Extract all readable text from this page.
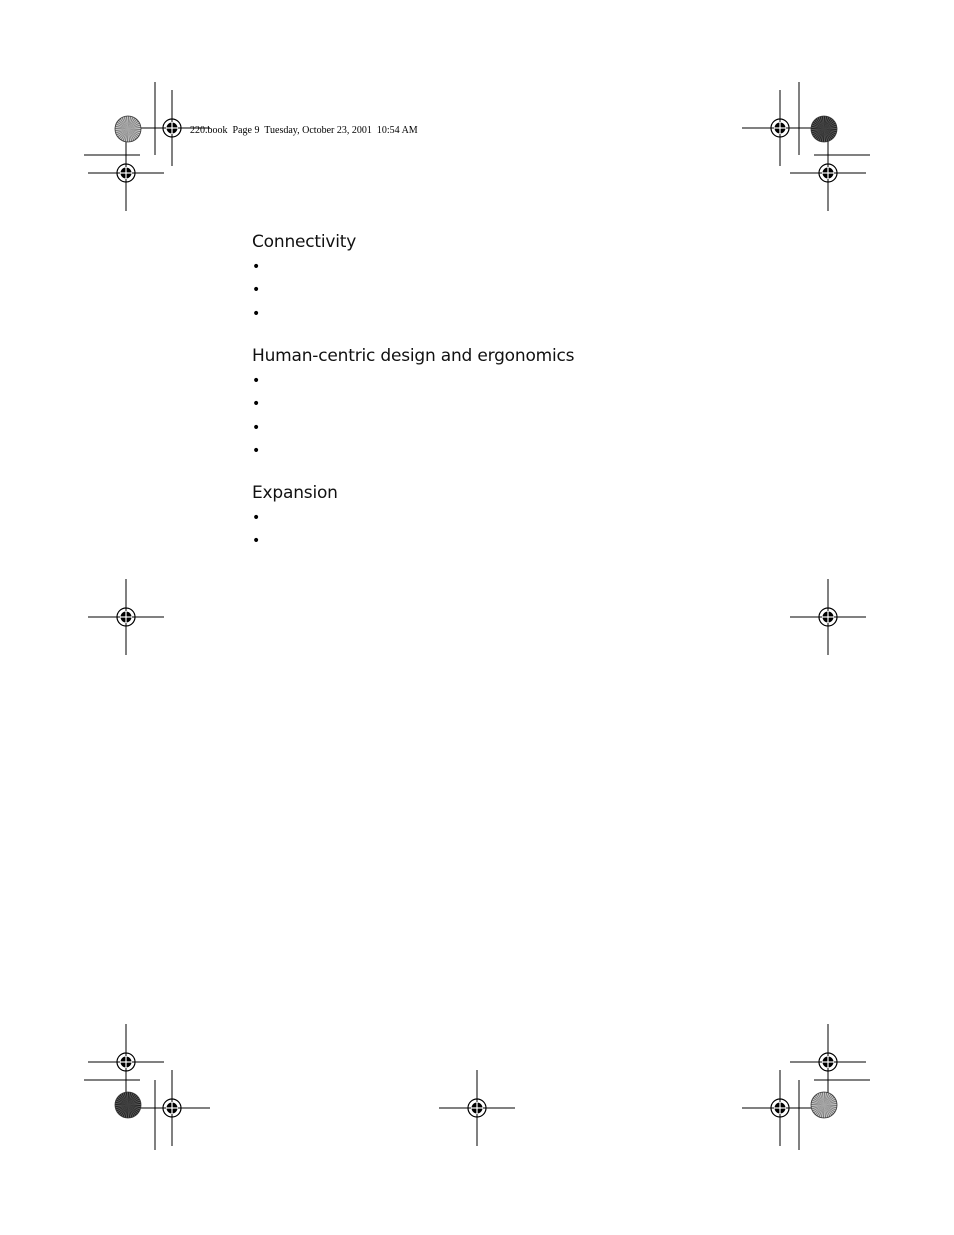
220.book  Page 9  Tuesday, October 23, 2001  10:54 AM
Connectivity
•
•
•
Human-centric design and ergonomics
•
•
•
•
Expansion
•
•
